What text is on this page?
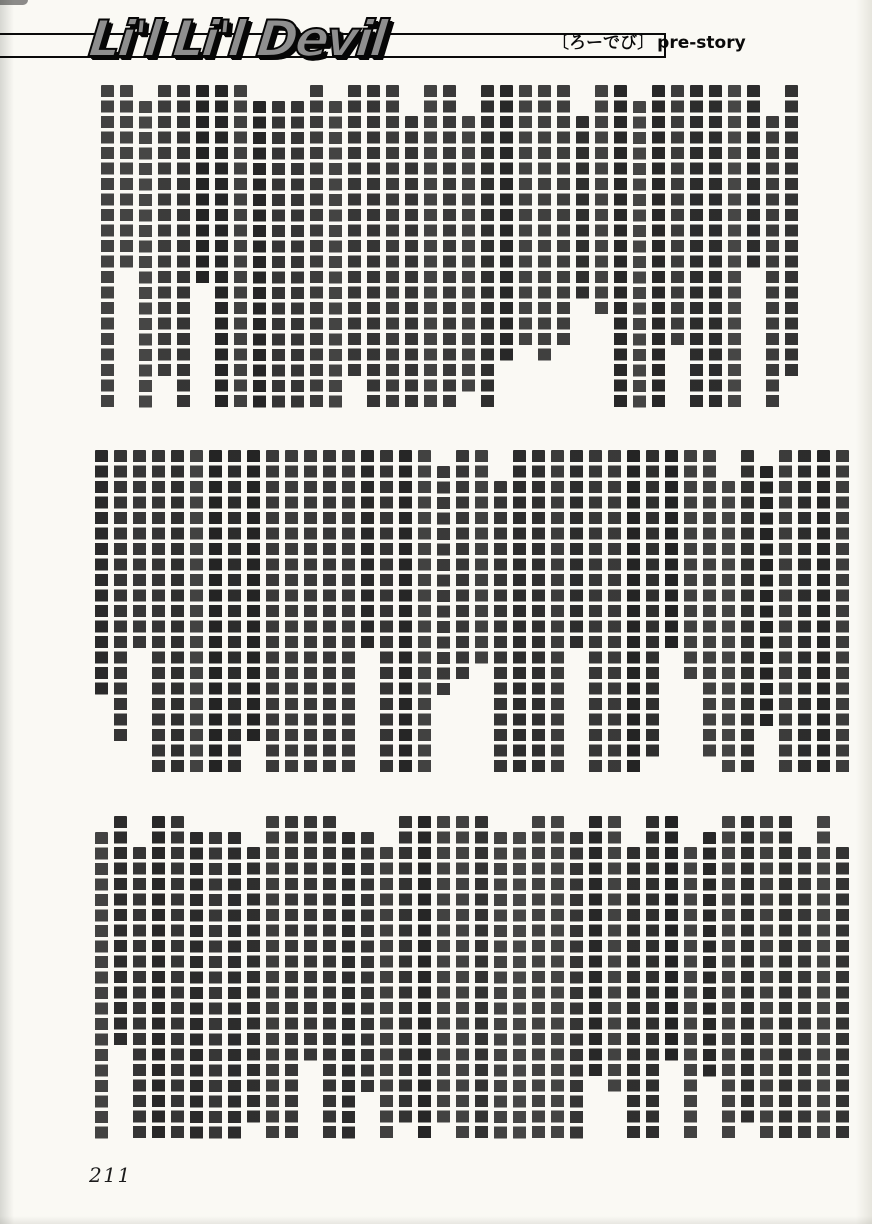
Li'l Li'l Devil	〔ろーでび〕 pre-story
211
